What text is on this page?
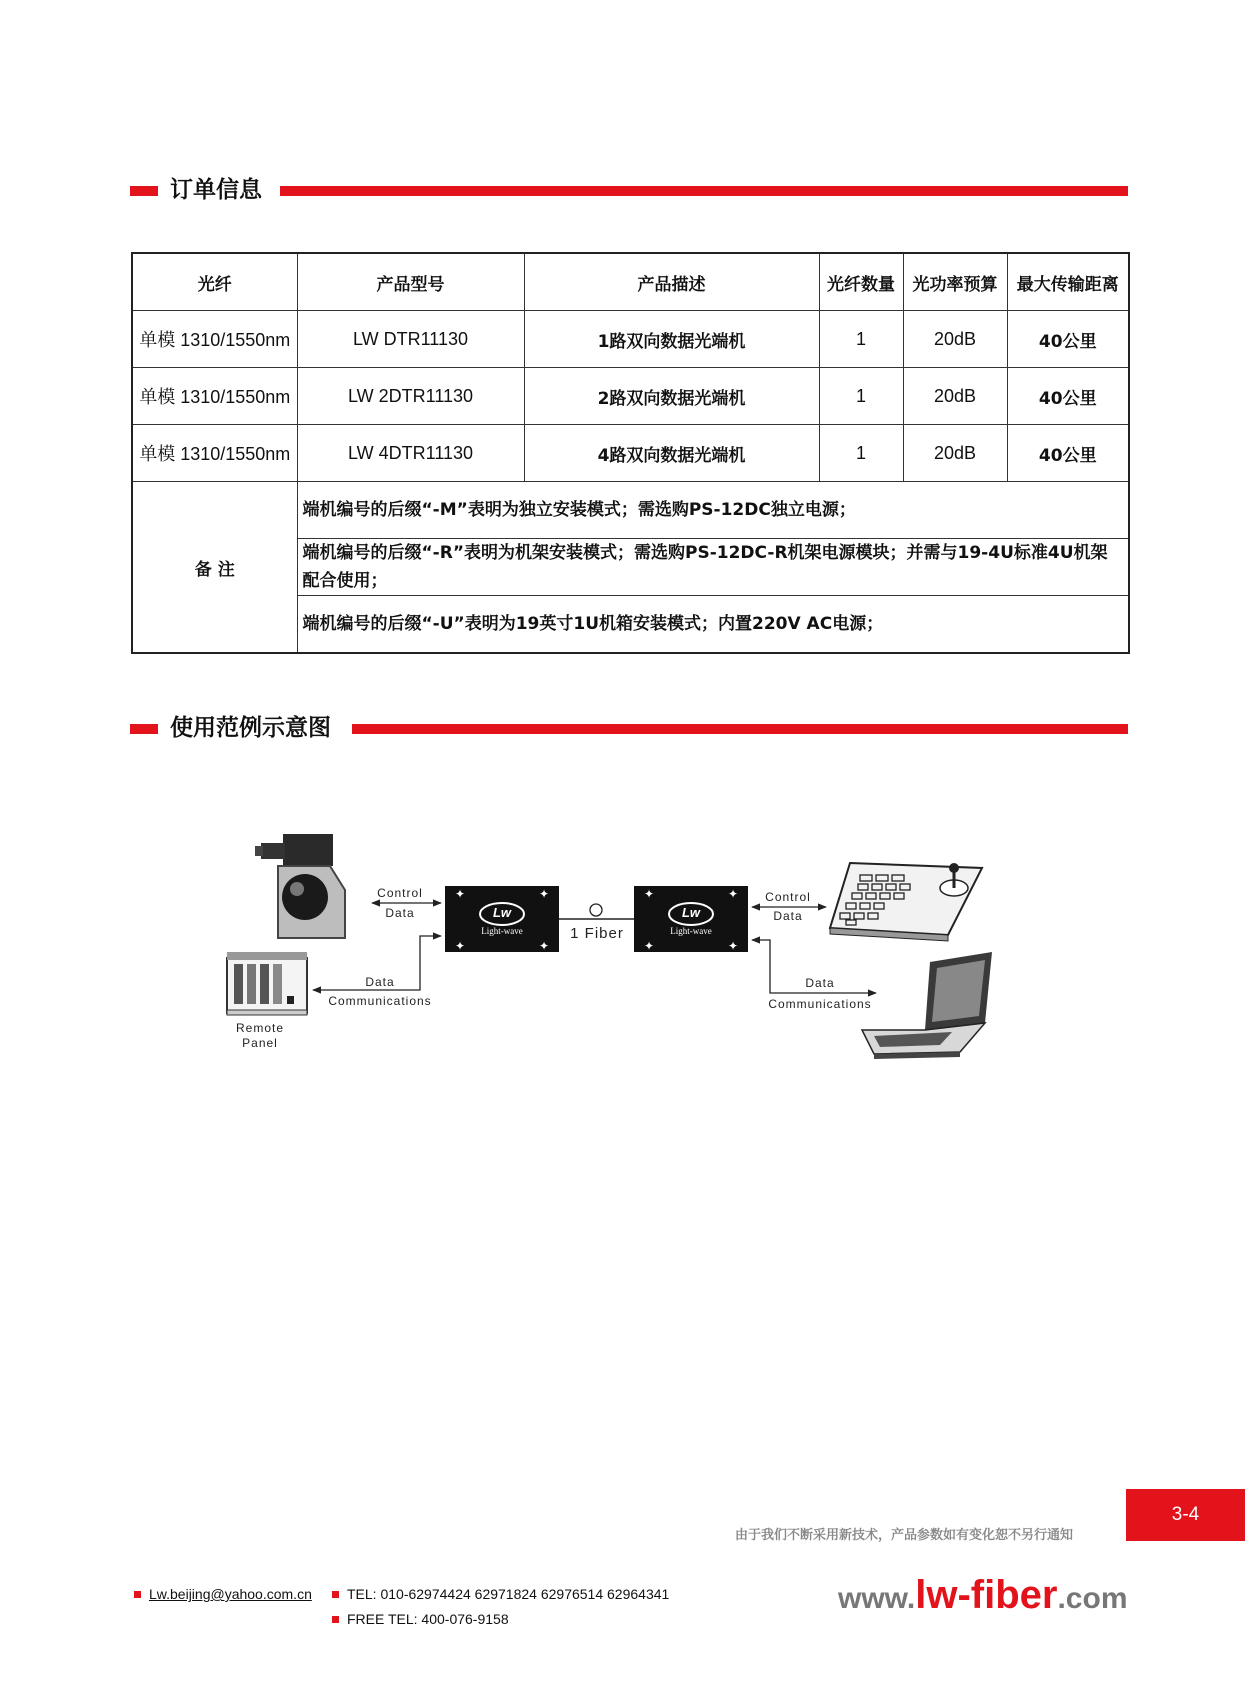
订单信息
光纤	产品型号	产品描述	光纤数量	光功率预算	最大传输距离
单模 1310/1550nm	LW DTR11130	1路双向数据光端机	1	20dB	40公里
单模 1310/1550nm	LW 2DTR11130	2路双向数据光端机	1	20dB	40公里
单模 1310/1550nm	LW 4DTR11130	4路双向数据光端机	1	20dB	40公里
备 注	端机编号的后缀“-M”表明为独立安装模式；需选购PS-12DC独立电源；				
	端机编号的后缀“-R”表明为机架安装模式；需选购PS-12DC-R机架电源模块；并需与19-4U标准4U机架配合使用；				
	端机编号的后缀“-U”表明为19英寸1U机箱安装模式；内置220V AC电源；				
使用范例示意图
✦	✦
✦	✦
✦	✦
✦	✦
Lw
Light-wave
Lw
Light-wave
Control
Data
Data
Communications
Remote
Panel
1 Fiber
Control
Data
Data
Communications
3-4
由于我们不断采用新技术，产品参数如有变化恕不另行通知
Lw.beijing@yahoo.com.cn	TEL: 010-62974424 62971824 62976514 62964341
FREE TEL: 400-076-9158
www.lw-fiber.com
